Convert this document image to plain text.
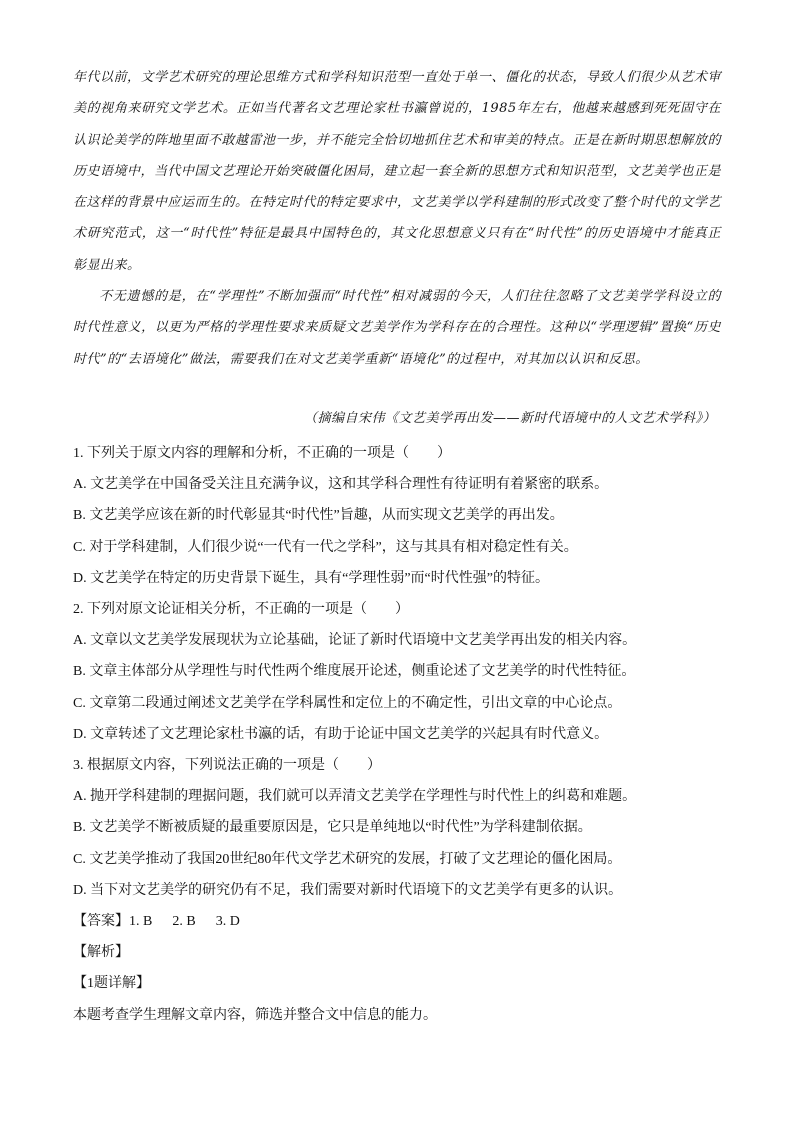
年代以前，文学艺术研究的理论思维方式和学科知识范型一直处于单一、僵化的状态，导致人们很少从艺术审美的视角来研究文学艺术。正如当代著名文艺理论家杜书瀛曾说的，1985年左右，他越来越感到死死固守在认识论美学的阵地里面不敢越雷池一步，并不能完全恰切地抓住艺术和审美的特点。正是在新时期思想解放的历史语境中，当代中国文艺理论开始突破僵化困局，建立起一套全新的思想方式和知识范型，文艺美学也正是在这样的背景中应运而生的。在特定时代的特定要求中，文艺美学以学科建制的形式改变了整个时代的文学艺术研究范式，这一“时代性”特征是最具中国特色的，其文化思想意义只有在“时代性”的历史语境中才能真正彰显出来。

不无遗憾的是，在“学理性”不断加强而“时代性”相对减弱的今天，人们往往忽略了文艺美学学科设立的时代性意义，以更为严格的学理性要求来质疑文艺美学作为学科存在的合理性。这种以“学理逻辑”置换“历史时代”的“去语境化”做法，需要我们在对文艺美学重新“语境化”的过程中，对其加以认识和反思。

（摘编自宋伟《文艺美学再出发——新时代语境中的人文艺术学科》）
1. 下列关于原文内容的理解和分析，不正确的一项是（　　）
A. 文艺美学在中国备受关注且充满争议，这和其学科合理性有待证明有着紧密的联系。
B. 文艺美学应该在新的时代彰显其“时代性”旨趣，从而实现文艺美学的再出发。
C. 对于学科建制，人们很少说“一代有一代之学科”，这与其具有相对稳定性有关。
D. 文艺美学在特定的历史背景下诞生，具有“学理性弱”而“时代性强”的特征。
2. 下列对原文论证相关分析，不正确的一项是（　　）
A. 文章以文艺美学发展现状为立论基础，论证了新时代语境中文艺美学再出发的相关内容。
B. 文章主体部分从学理性与时代性两个维度展开论述，侧重论述了文艺美学的时代性特征。
C. 文章第二段通过阐述文艺美学在学科属性和定位上的不确定性，引出文章的中心论点。
D. 文章转述了文艺理论家杜书瀛的话，有助于论证中国文艺美学的兴起具有时代意义。
3. 根据原文内容，下列说法正确的一项是（　　）
A. 抛开学科建制的理据问题，我们就可以弄清文艺美学在学理性与时代性上的纠葛和难题。
B. 文艺美学不断被质疑的最重要原因是，它只是单纯地以“时代性”为学科建制依据。
C. 文艺美学推动了我国20世纪80年代文学艺术研究的发展，打破了文艺理论的僵化困局。
D. 当下对文艺美学的研究仍有不足，我们需要对新时代语境下的文艺美学有更多的认识。
【答案】1. B 2. B 3. D
【解析】
【1题详解】
本题考查学生理解文章内容，筛选并整合文中信息的能力。
